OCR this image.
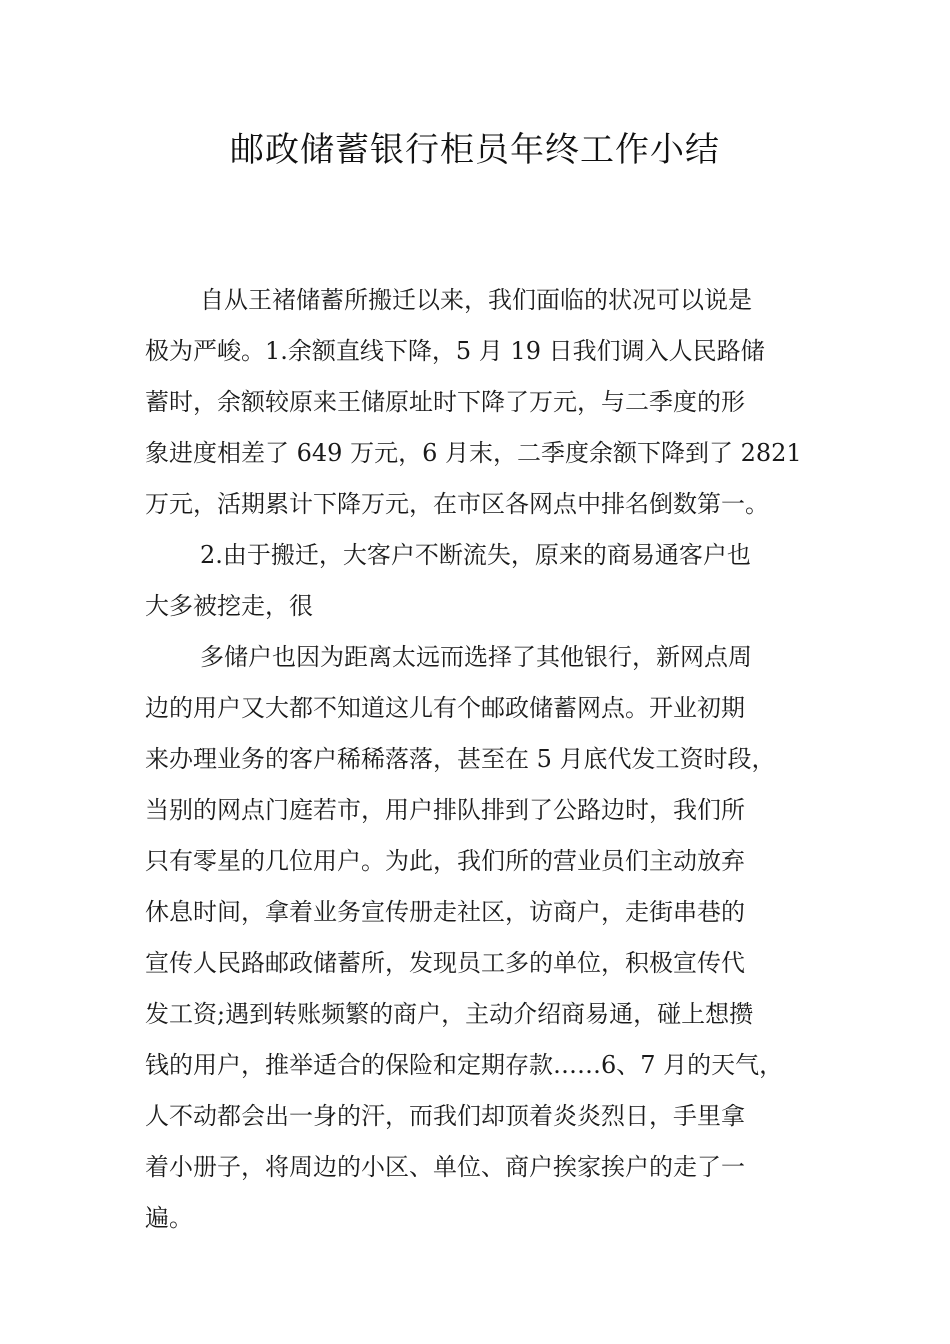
邮政储蓄银行柜员年终工作小结
自从王褚储蓄所搬迁以来，我们面临的状况可以说是
极为严峻。1.余额直线下降，5 月 19 日我们调入人民路储
蓄时，余额较原来王储原址时下降了万元，与二季度的形
象进度相差了 649 万元，6 月末，二季度余额下降到了 2821
万元，活期累计下降万元，在市区各网点中排名倒数第一。
2.由于搬迁，大客户不断流失，原来的商易通客户也
大多被挖走，很
多储户也因为距离太远而选择了其他银行，新网点周
边的用户又大都不知道这儿有个邮政储蓄网点。开业初期
来办理业务的客户稀稀落落，甚至在 5 月底代发工资时段，
当别的网点门庭若市，用户排队排到了公路边时，我们所
只有零星的几位用户。为此，我们所的营业员们主动放弃
休息时间，拿着业务宣传册走社区，访商户，走街串巷的
宣传人民路邮政储蓄所，发现员工多的单位，积极宣传代
发工资;遇到转账频繁的商户，主动介绍商易通，碰上想攒
钱的用户，推举适合的保险和定期存款……6、7 月的天气，
人不动都会出一身的汗，而我们却顶着炎炎烈日，手里拿
着小册子，将周边的小区、单位、商户挨家挨户的走了一
遍。
